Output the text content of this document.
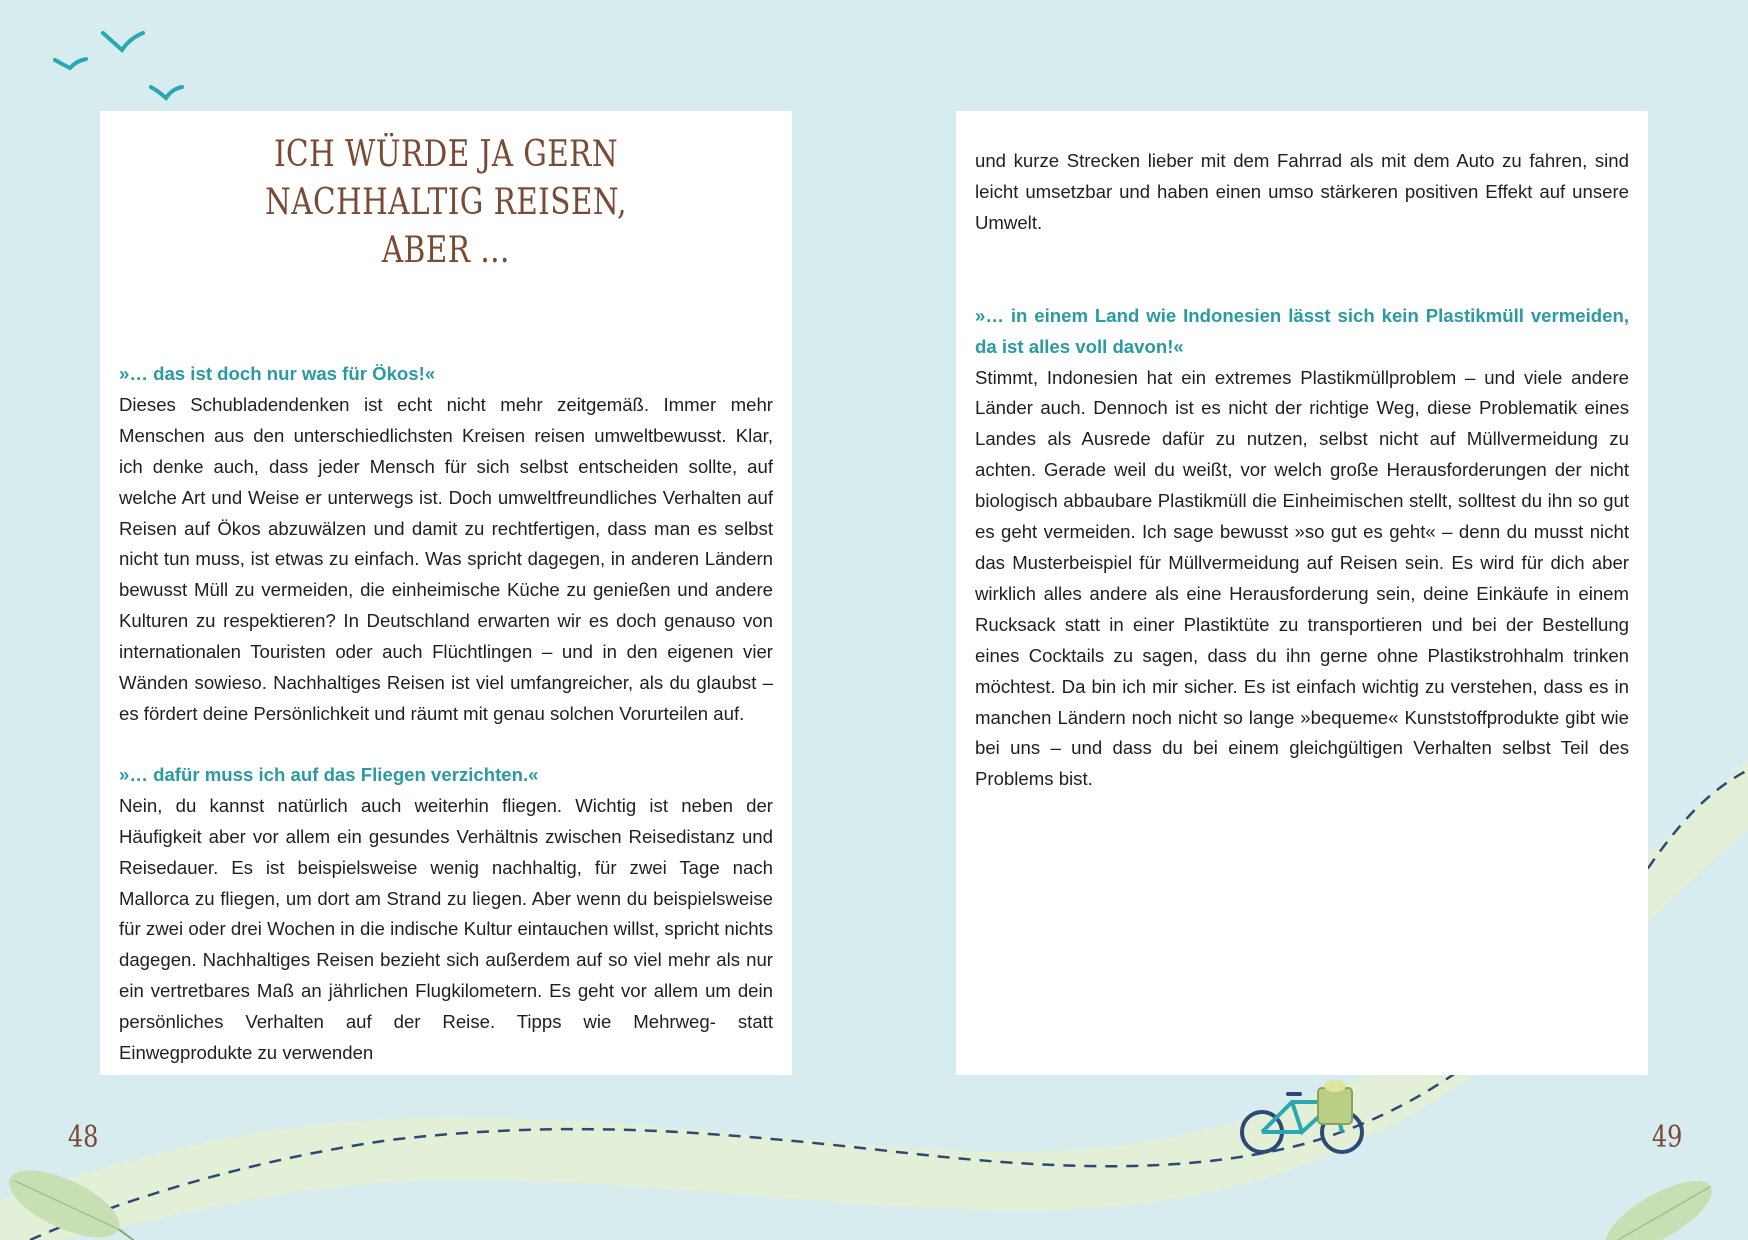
ICH WÜRDE JA GERN NACHHALTIG REISEN,
ABER …

»… das ist doch nur was für Ökos!«

Dieses Schubladendenken ist echt nicht mehr zeitgemäß. Immer mehr Menschen aus den unterschiedlichsten Kreisen reisen umweltbewusst. Klar, ich denke auch, dass jeder Mensch für sich selbst entscheiden sollte, auf welche Art und Weise er unterwegs ist. Doch umweltfreundliches Verhalten auf Reisen auf Ökos abzuwälzen und damit zu rechtfertigen, dass man es selbst nicht tun muss, ist etwas zu einfach. Was spricht dagegen, in anderen Ländern bewusst Müll zu vermeiden, die einheimische Küche zu genießen und andere Kulturen zu respektieren? In Deutschland erwarten wir es doch genauso von internationalen Touristen oder auch Flüchtlingen – und in den eigenen vier Wänden sowieso. Nachhaltiges Reisen ist viel umfangreicher, als du glaubst – es fördert deine Persönlichkeit und räumt mit genau solchen Vorurteilen auf.

»… dafür muss ich auf das Fliegen verzichten.«

Nein, du kannst natürlich auch weiterhin fliegen. Wichtig ist neben der Häufigkeit aber vor allem ein gesundes Verhältnis zwischen Reisedistanz und Reisedauer. Es ist beispielsweise wenig nachhaltig, für zwei Tage nach Mallorca zu fliegen, um dort am Strand zu liegen. Aber wenn du beispielsweise für zwei oder drei Wochen in die indische Kultur eintauchen willst, spricht nichts dagegen. Nachhaltiges Reisen bezieht sich außerdem auf so viel mehr als nur ein vertretbares Maß an jährlichen Flugkilometern. Es geht vor allem um dein persönliches Verhalten auf der Reise. Tipps wie Mehrweg- statt Einwegprodukte zu verwenden

und kurze Strecken lieber mit dem Fahrrad als mit dem Auto zu fahren, sind leicht umsetzbar und haben einen umso stärkeren positiven Effekt auf unsere Umwelt.

»… in einem Land wie Indonesien lässt sich kein Plastikmüll vermeiden, da ist alles voll davon!«

Stimmt, Indonesien hat ein extremes Plastikmüllproblem – und viele andere Länder auch. Dennoch ist es nicht der richtige Weg, diese Problematik eines Landes als Ausrede dafür zu nutzen, selbst nicht auf Müllvermeidung zu achten. Gerade weil du weißt, vor welch große Herausforderungen der nicht biologisch abbaubare Plastikmüll die Einheimischen stellt, solltest du ihn so gut es geht vermeiden. Ich sage bewusst »so gut es geht« – denn du musst nicht das Musterbeispiel für Müllvermeidung auf Reisen sein. Es wird für dich aber wirklich alles andere als eine Herausforderung sein, deine Einkäufe in einem Rucksack statt in einer Plastiktüte zu transportieren und bei der Bestellung eines Cocktails zu sagen, dass du ihn gerne ohne Plastikstrohhalm trinken möchtest. Da bin ich mir sicher. Es ist einfach wichtig zu verstehen, dass es in manchen Ländern noch nicht so lange »bequeme« Kunststoffprodukte gibt wie bei uns – und dass du bei einem gleichgültigen Verhalten selbst Teil des Problems bist.

48	49
